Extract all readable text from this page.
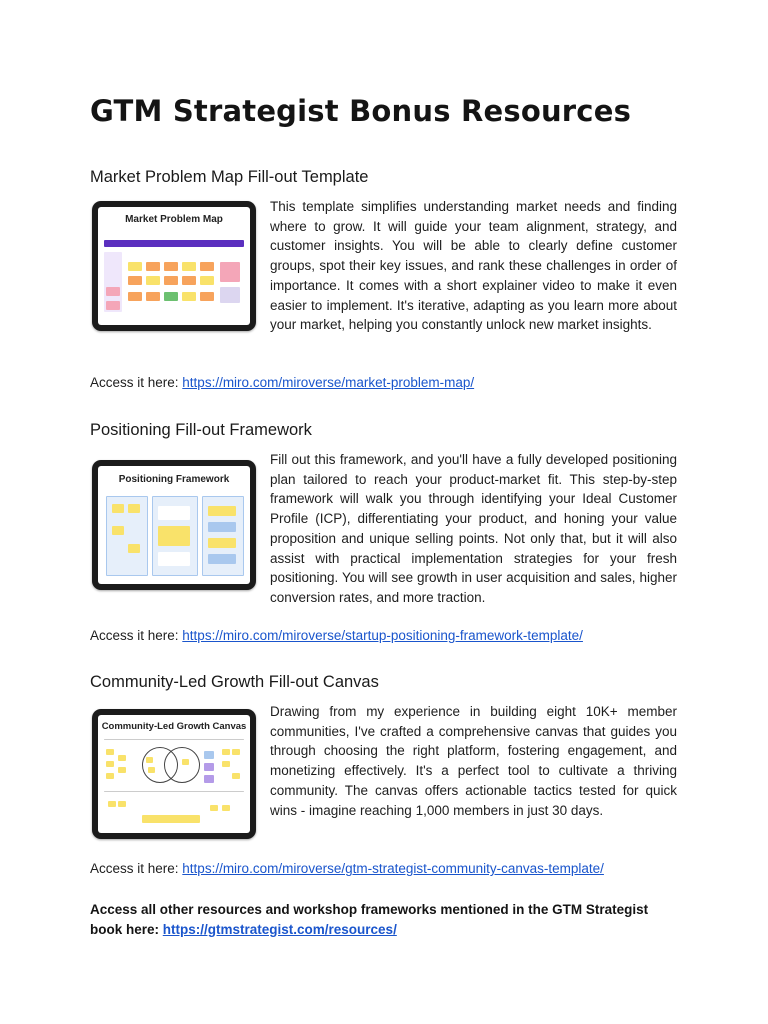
GTM Strategist Bonus Resources
Market Problem Map Fill-out Template
Market Problem Map

This template simplifies understanding market needs and finding where to grow. It will guide your team alignment, strategy, and customer insights. You will be able to clearly define customer groups, spot their key issues, and rank these challenges in order of importance. It comes with a short explainer video to make it even easier to implement. It's iterative, adapting as you learn more about your market, helping you constantly unlock new market insights.

Access it here: https://miro.com/miroverse/market-problem-map/

Positioning Fill-out Framework
Positioning Framework

Fill out this framework, and you'll have a fully developed positioning plan tailored to reach your product-market fit. This step-by-step framework will walk you through identifying your Ideal Customer Profile (ICP), differentiating your product, and honing your value proposition and unique selling points. Not only that, but it will also assist with practical implementation strategies for your fresh positioning. You will see growth in user acquisition and sales, higher conversion rates, and more traction.

Access it here: https://miro.com/miroverse/startup-positioning-framework-template/

Community-Led Growth Fill-out Canvas
Community-Led Growth Canvas

Drawing from my experience in building eight 10K+ member communities, I've crafted a comprehensive canvas that guides you through choosing the right platform, fostering engagement, and monetizing effectively. It's a perfect tool to cultivate a thriving community. The canvas offers actionable tactics tested for quick wins - imagine reaching 1,000 members in just 30 days.

Access it here: https://miro.com/miroverse/gtm-strategist-community-canvas-template/

Access all other resources and workshop frameworks mentioned in the GTM Strategist book here: https://gtmstrategist.com/resources/
